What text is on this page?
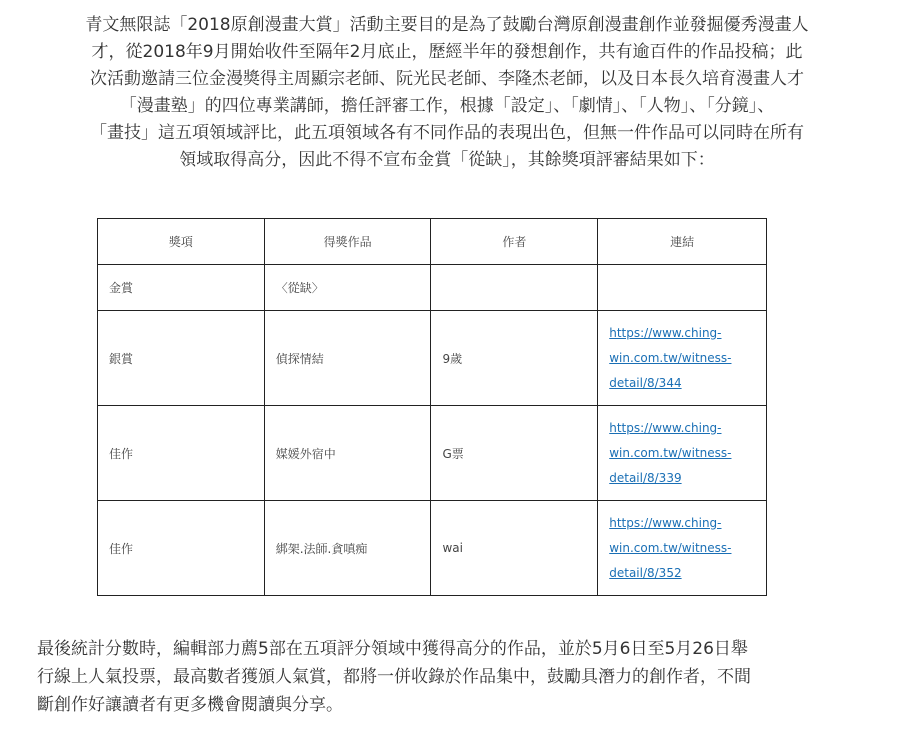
青文無限誌「2018原創漫畫大賞」活動主要目的是為了鼓勵台灣原創漫畫創作並發掘優秀漫畫人
才，從2018年9月開始收件至隔年2月底止，歷經半年的發想創作，共有逾百件的作品投稿；此
次活動邀請三位金漫獎得主周顯宗老師、阮光民老師、李隆杰老師，以及日本長久培育漫畫人才
「漫畫塾」的四位專業講師，擔任評審工作，根據「設定」、「劇情」、「人物」、「分鏡」、
「畫技」這五項領域評比，此五項領域各有不同作品的表現出色，但無一件作品可以同時在所有
領域取得高分，因此不得不宣布金賞「從缺」，其餘獎項評審結果如下：

獎項	得獎作品	作者	連結
金賞	〈從缺〉		
銀賞	偵探情結	9歲	https://www.ching-
win.com.tw/witness-
detail/8/344

佳作	媒媛外宿中	G票	https://www.ching-
win.com.tw/witness-
detail/8/339

佳作	綁架.法師.貪嗔痴	wai	https://www.ching-
win.com.tw/witness-
detail/8/352

最後統計分數時，編輯部力薦5部在五項評分領域中獲得高分的作品，並於5月6日至5月26日舉
行線上人氣投票，最高數者獲頒人氣賞，都將一併收錄於作品集中，鼓勵具潛力的創作者，不間
斷創作好讓讀者有更多機會閱讀與分享。
